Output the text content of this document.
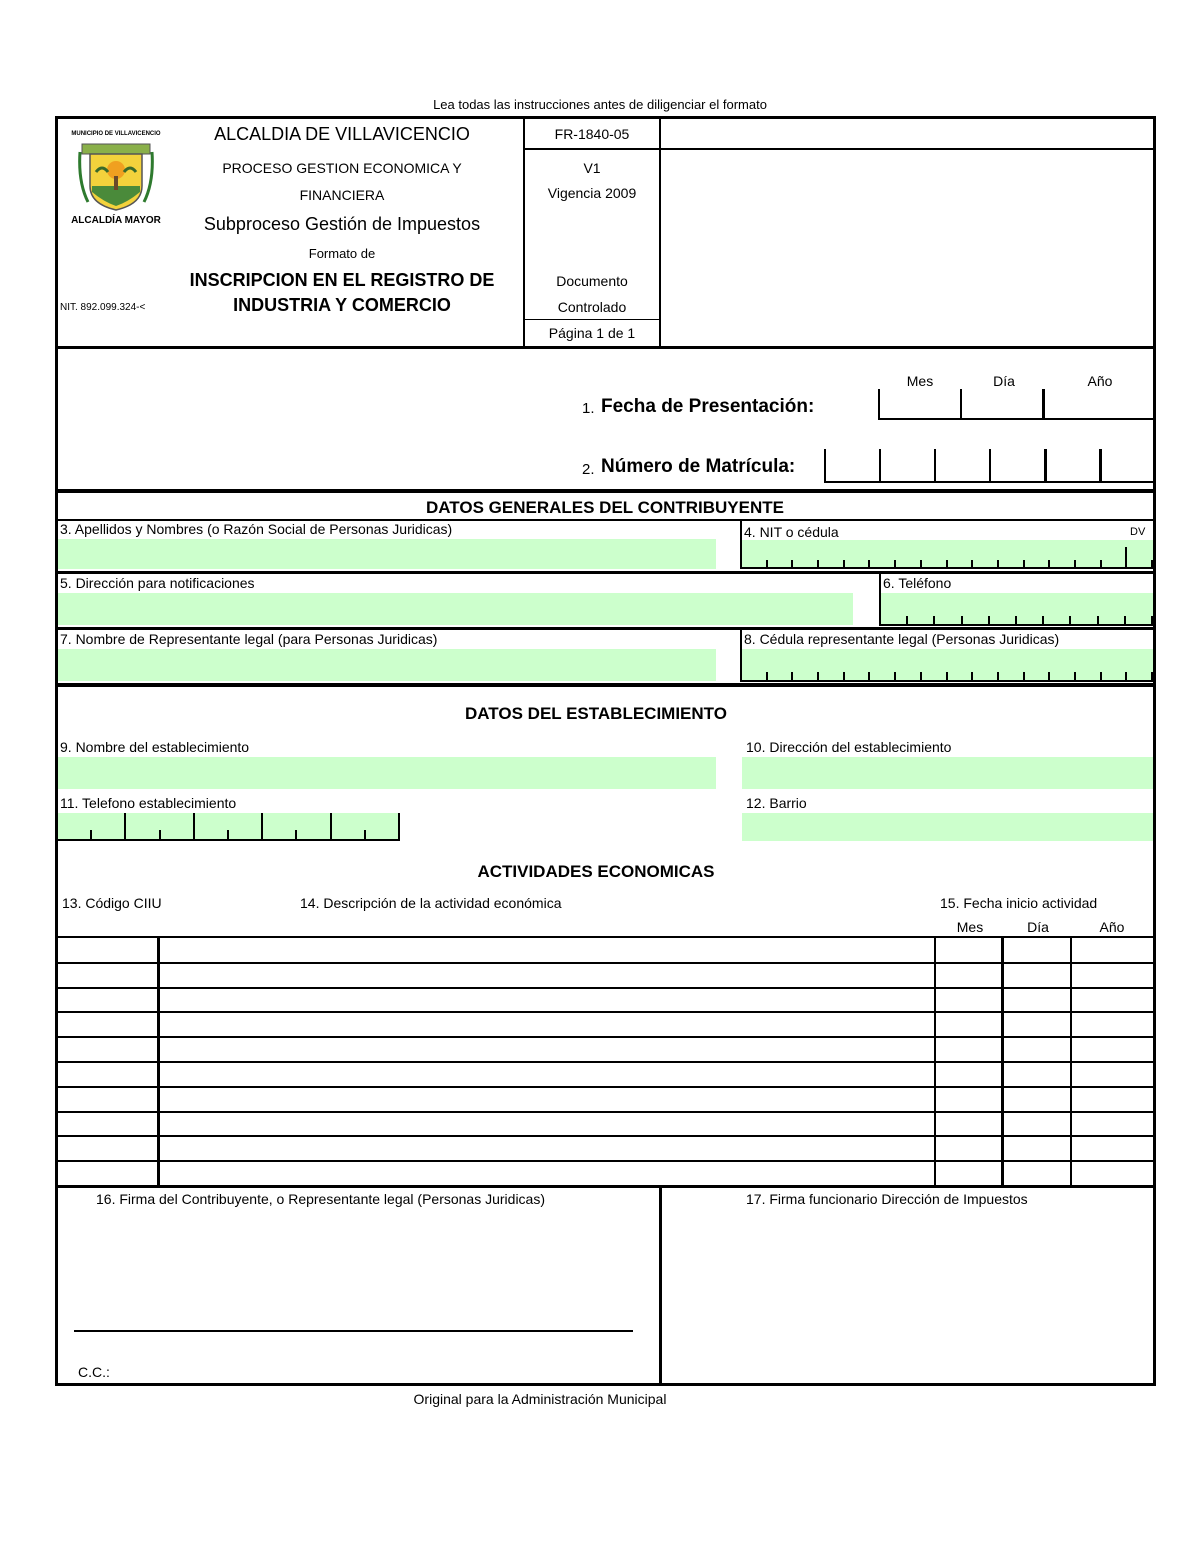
Lea todas las instrucciones antes de diligenciar el formato
MUNICIPIO DE VILLAVICENCIO
ALCALDÍA MAYOR
NIT. 892.099.324-<
ALCALDIA DE VILLAVICENCIO
PROCESO GESTION ECONOMICA Y
FINANCIERA
Subproceso Gestión de Impuestos
Formato de
INSCRIPCION EN EL REGISTRO DE
INDUSTRIA Y COMERCIO
FR-1840-05
V1
Vigencia 2009
Documento
Controlado
Página 1 de 1
Mes	Día	Año
1. Fecha de Presentación:
2. Número de Matrícula:
DATOS GENERALES DEL CONTRIBUYENTE
3. Apellidos y Nombres (o Razón Social de Personas Juridicas)	4. NIT o cédula	DV
5. Dirección para notificaciones	6. Teléfono
7. Nombre de Representante legal (para Personas Juridicas)	8. Cédula representante legal (Personas Juridicas)
DATOS DEL ESTABLECIMIENTO
9. Nombre del establecimiento	10. Dirección del establecimiento
11. Telefono establecimiento	12. Barrio
ACTIVIDADES ECONOMICAS
13. Código CIIU	14. Descripción de la actividad económica	15. Fecha inicio actividad
Mes	Día	Año
16. Firma del Contribuyente, o Representante legal (Personas Juridicas)
C.C.:
17. Firma funcionario Dirección de Impuestos
Original para la Administración Municipal
